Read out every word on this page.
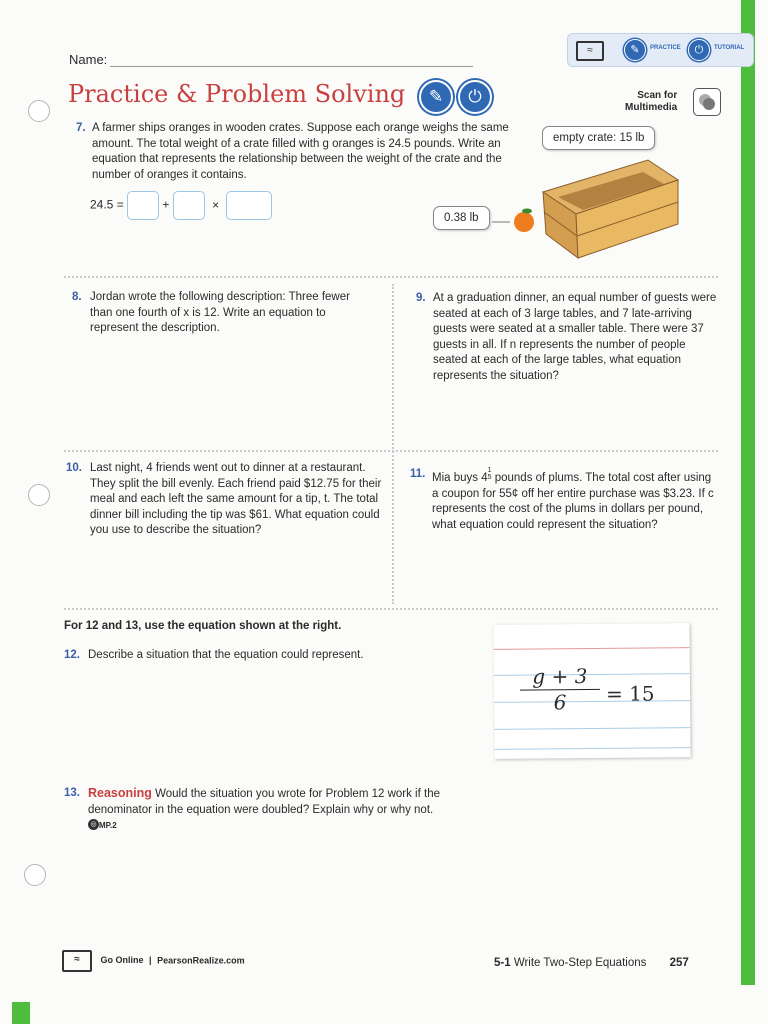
≈	✎	PRACTICE	⏻	TUTORIAL
Name:
Practice & Problem Solving	✎	⏻	Scan for
Multimedia
7. A farmer ships oranges in wooden crates. Suppose each orange weighs the same amount. The total weight of a crate filled with g oranges is 24.5 pounds. Write an equation that represents the relationship between the weight of the crate and the number of oranges it contains.
24.5 =	+	×
empty crate: 15 lb
0.38 lb
8. Jordan wrote the following description: Three fewer than one fourth of x is 12. Write an equation to represent the description.
9. At a graduation dinner, an equal number of guests were seated at each of 3 large tables, and 7 late-arriving guests were seated at a smaller table. There were 37 guests in all. If n represents the number of people seated at each of the large tables, what equation represents the situation?
10. Last night, 4 friends went out to dinner at a restaurant. They split the bill evenly. Each friend paid $12.75 for their meal and each left the same amount for a tip, t. The total dinner bill including the tip was $61. What equation could you use to describe the situation?
11. Mia buys 41
5 pounds of plums. The total cost after using a coupon for 55¢ off her entire purchase was $3.23. If c represents the cost of the plums in dollars per pound, what equation could represent the situation?
For 12 and 13, use the equation shown at the right.
12. Describe a situation that the equation could represent.
$\frac{g + 3}{6} = 15$
13. Reasoning Would the situation you wrote for Problem 12 work if the denominator in the equation were doubled? Explain why or why not. ◎ MP.2
≈ Go Online | PearsonRealize.com	5-1 Write Two-Step Equations 257
